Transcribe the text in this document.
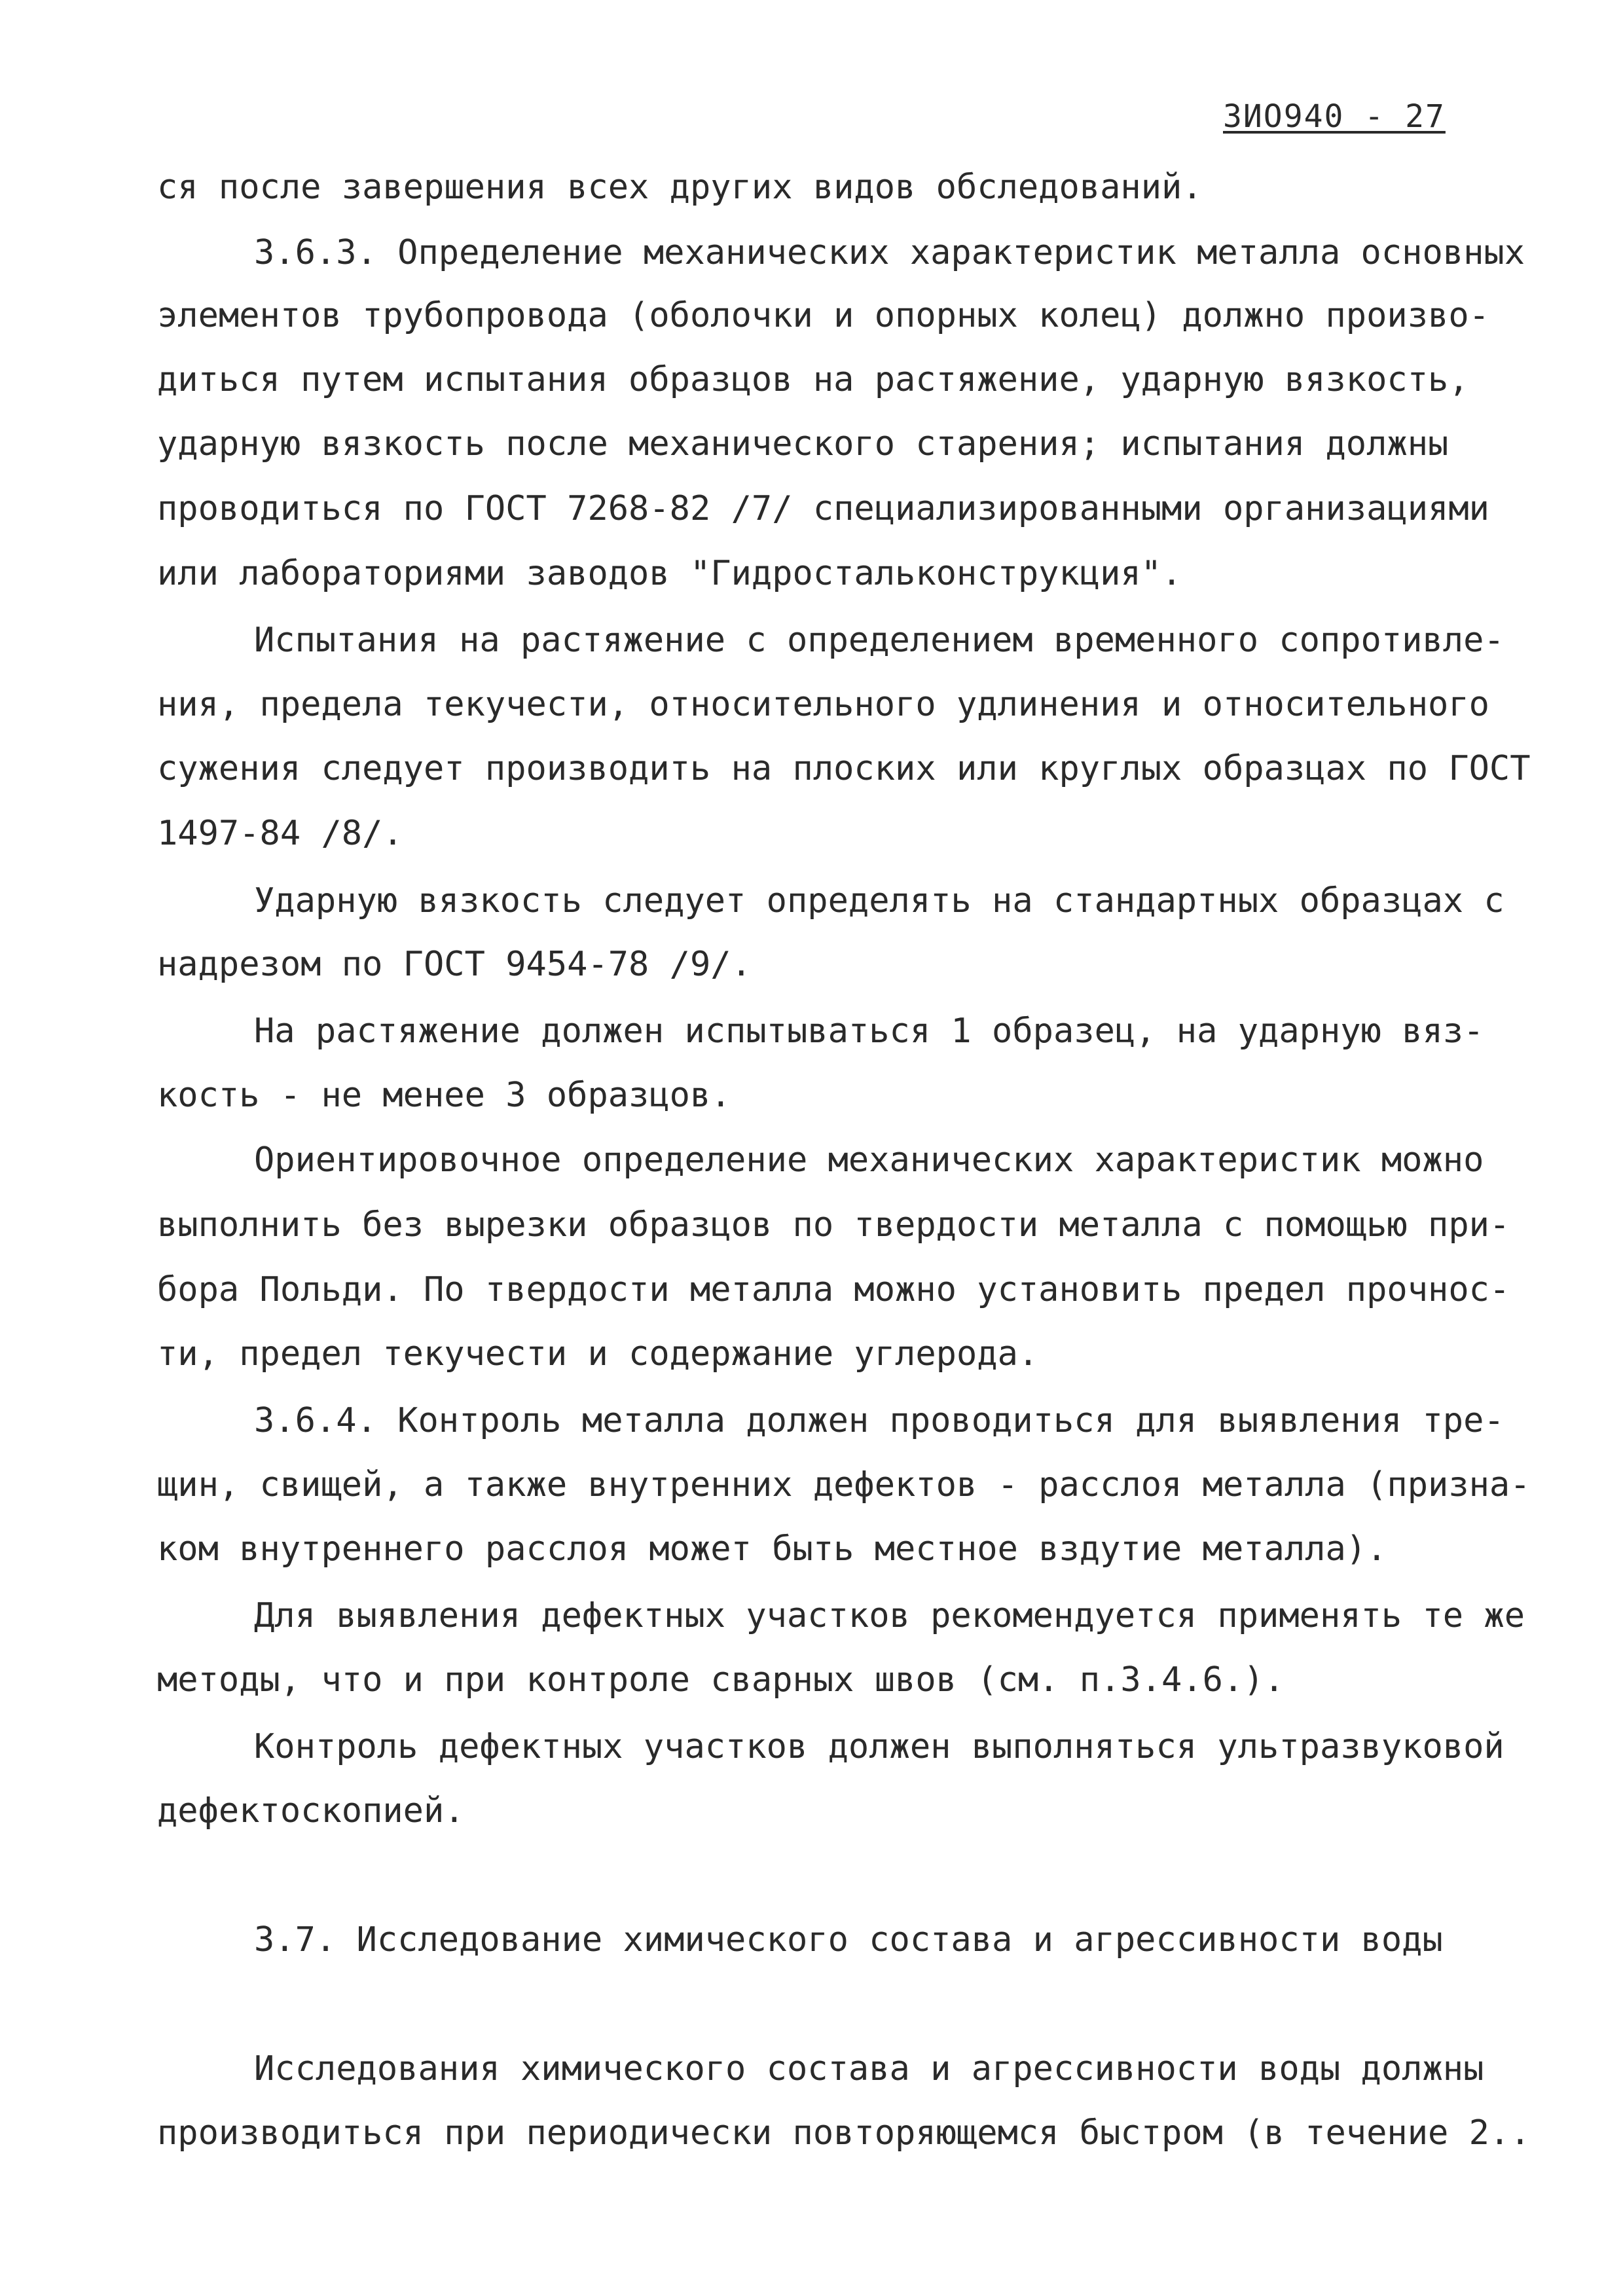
ЗИО940 - 27
ся после завершения всех других видов обследований.
3.6.3. Определение механических характеристик металла основных
элементов трубопровода (оболочки и опорных колец) должно произво-
диться путем испытания образцов на растяжение, ударную вязкость,
ударную вязкость после механического старения; испытания должны
проводиться по ГОСТ 7268-82 /7/ специализированными организациями
или лабораториями заводов "Гидростальконструкция".
Испытания на растяжение с определением временного сопротивле-
ния, предела текучести, относительного удлинения и относительного
сужения следует производить на плоских или круглых образцах по ГОСТ
1497-84 /8/.
Ударную вязкость следует определять на стандартных образцах с
надрезом по ГОСТ 9454-78 /9/.
На растяжение должен испытываться 1 образец, на ударную вяз-
кость - не менее 3 образцов.
Ориентировочное определение механических характеристик можно
выполнить без вырезки образцов по твердости металла с помощью при-
бора Польди. По твердости металла можно установить предел прочнос-
ти, предел текучести и содержание углерода.
3.6.4. Контроль металла должен проводиться для выявления тре-
щин, свищей, а также внутренних дефектов - расслоя металла (призна-
ком внутреннего расслоя может быть местное вздутие металла).
Для выявления дефектных участков рекомендуется применять те же
методы, что и при контроле сварных швов (см. п.3.4.6.).
Контроль дефектных участков должен выполняться ультразвуковой
дефектоскопией.
3.7. Исследование химического состава и агрессивности воды
Исследования химического состава и агрессивности воды должны
производиться при периодически повторяющемся быстром (в течение 2..
